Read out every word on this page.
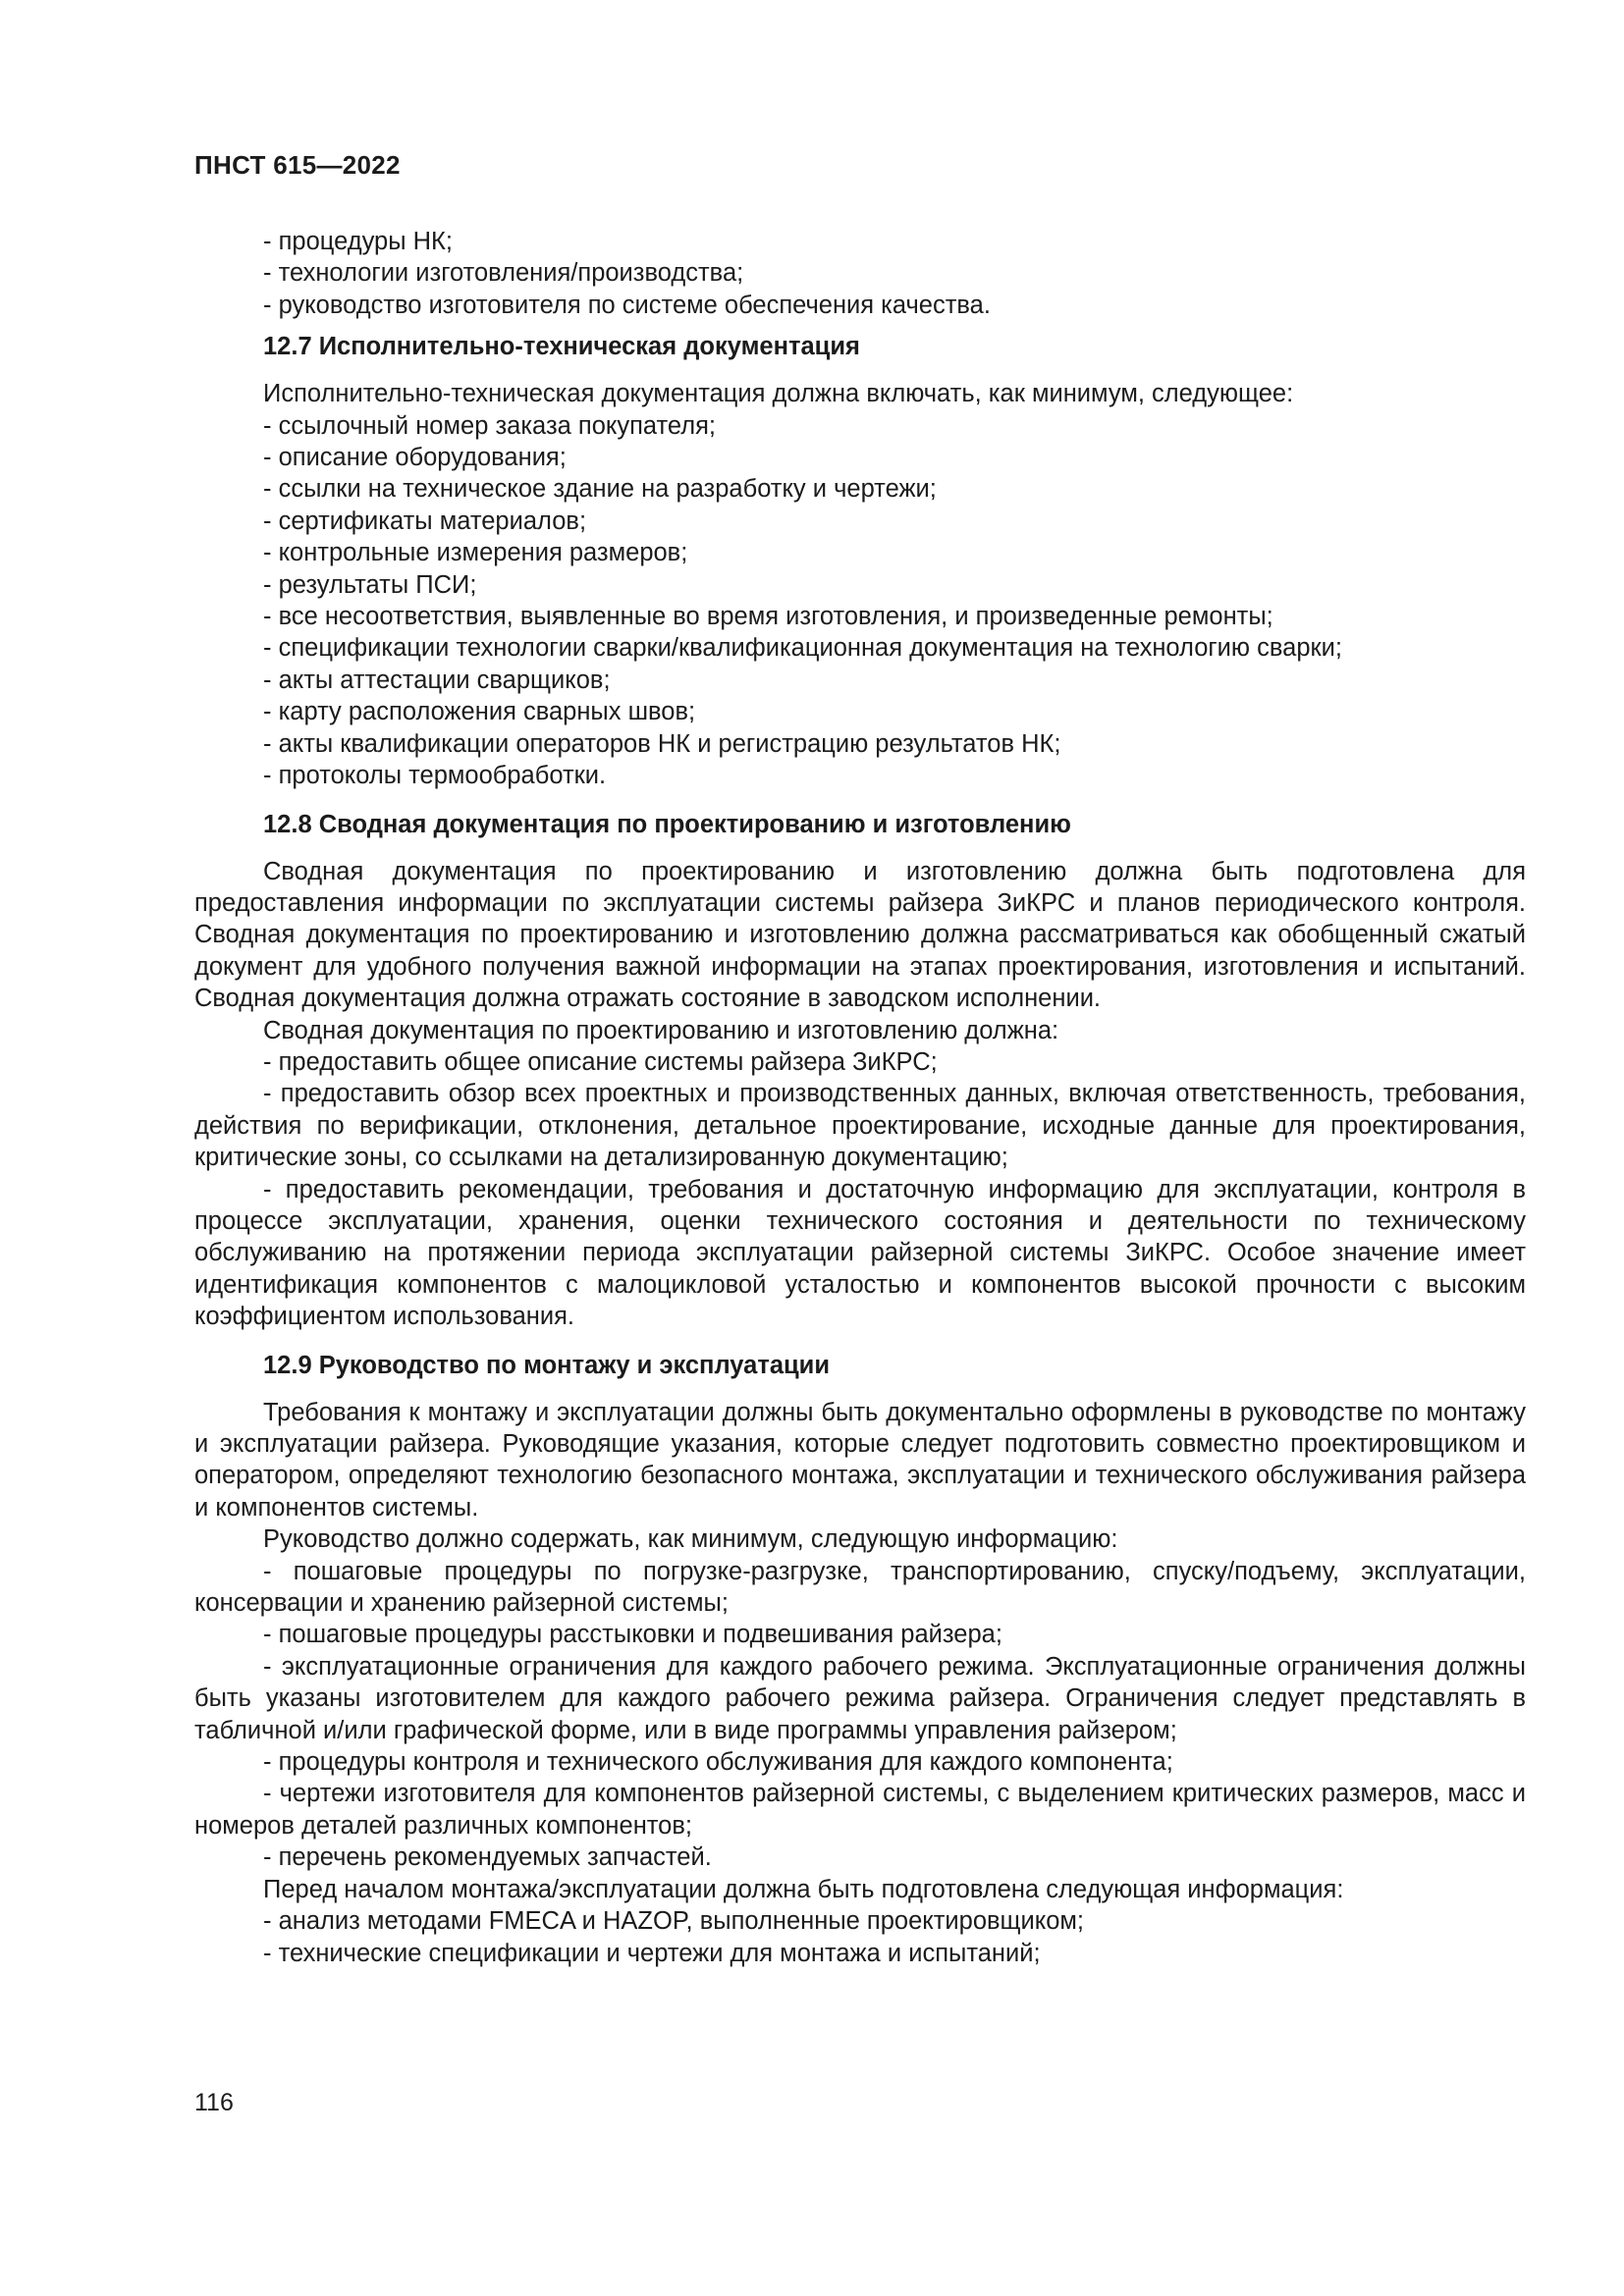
ПНСТ 615—2022

- процедуры НК;

- технологии изготовления/производства;

- руководство изготовителя по системе обеспечения качества.

12.7 Исполнительно-техническая документация

Исполнительно-техническая документация должна включать, как минимум, следующее:

- ссылочный номер заказа покупателя;

- описание оборудования;

- ссылки на техническое здание на разработку и чертежи;

- сертификаты материалов;

- контрольные измерения размеров;

- результаты ПСИ;

- все несоответствия, выявленные во время изготовления, и произведенные ремонты;

- спецификации технологии сварки/квалификационная документация на технологию сварки;

- акты аттестации сварщиков;

- карту расположения сварных швов;

- акты квалификации операторов НК и регистрацию результатов НК;

- протоколы термообработки.

12.8 Сводная документация по проектированию и изготовлению

Сводная документация по проектированию и изготовлению должна быть подготовлена для предоставления информации по эксплуатации системы райзера ЗиКРС и планов периодического контроля. Сводная документация по проектированию и изготовлению должна рассматриваться как обобщенный сжатый документ для удобного получения важной информации на этапах проектирования, изготовления и испытаний. Сводная документация должна отражать состояние в заводском исполнении.

Сводная документация по проектированию и изготовлению должна:

- предоставить общее описание системы райзера ЗиКРС;

- предоставить обзор всех проектных и производственных данных, включая ответственность, требования, действия по верификации, отклонения, детальное проектирование, исходные данные для проектирования, критические зоны, со ссылками на детализированную документацию;

- предоставить рекомендации, требования и достаточную информацию для эксплуатации, контроля в процессе эксплуатации, хранения, оценки технического состояния и деятельности по техническому обслуживанию на протяжении периода эксплуатации райзерной системы ЗиКРС. Особое значение имеет идентификация компонентов с малоцикловой усталостью и компонентов высокой прочности с высоким коэффициентом использования.

12.9 Руководство по монтажу и эксплуатации

Требования к монтажу и эксплуатации должны быть документально оформлены в руководстве по монтажу и эксплуатации райзера. Руководящие указания, которые следует подготовить совместно проектировщиком и оператором, определяют технологию безопасного монтажа, эксплуатации и технического обслуживания райзера и компонентов системы.

Руководство должно содержать, как минимум, следующую информацию:

- пошаговые процедуры по погрузке-разгрузке, транспортированию, спуску/подъему, эксплуатации, консервации и хранению райзерной системы;

- пошаговые процедуры расстыковки и подвешивания райзера;

- эксплуатационные ограничения для каждого рабочего режима. Эксплуатационные ограничения должны быть указаны изготовителем для каждого рабочего режима райзера. Ограничения следует представлять в табличной и/или графической форме, или в виде программы управления райзером;

- процедуры контроля и технического обслуживания для каждого компонента;

- чертежи изготовителя для компонентов райзерной системы, с выделением критических размеров, масс и номеров деталей различных компонентов;

- перечень рекомендуемых запчастей.

Перед началом монтажа/эксплуатации должна быть подготовлена следующая информация:

- анализ методами FMECA и HAZOP, выполненные проектировщиком;

- технические спецификации и чертежи для монтажа и испытаний;

116
